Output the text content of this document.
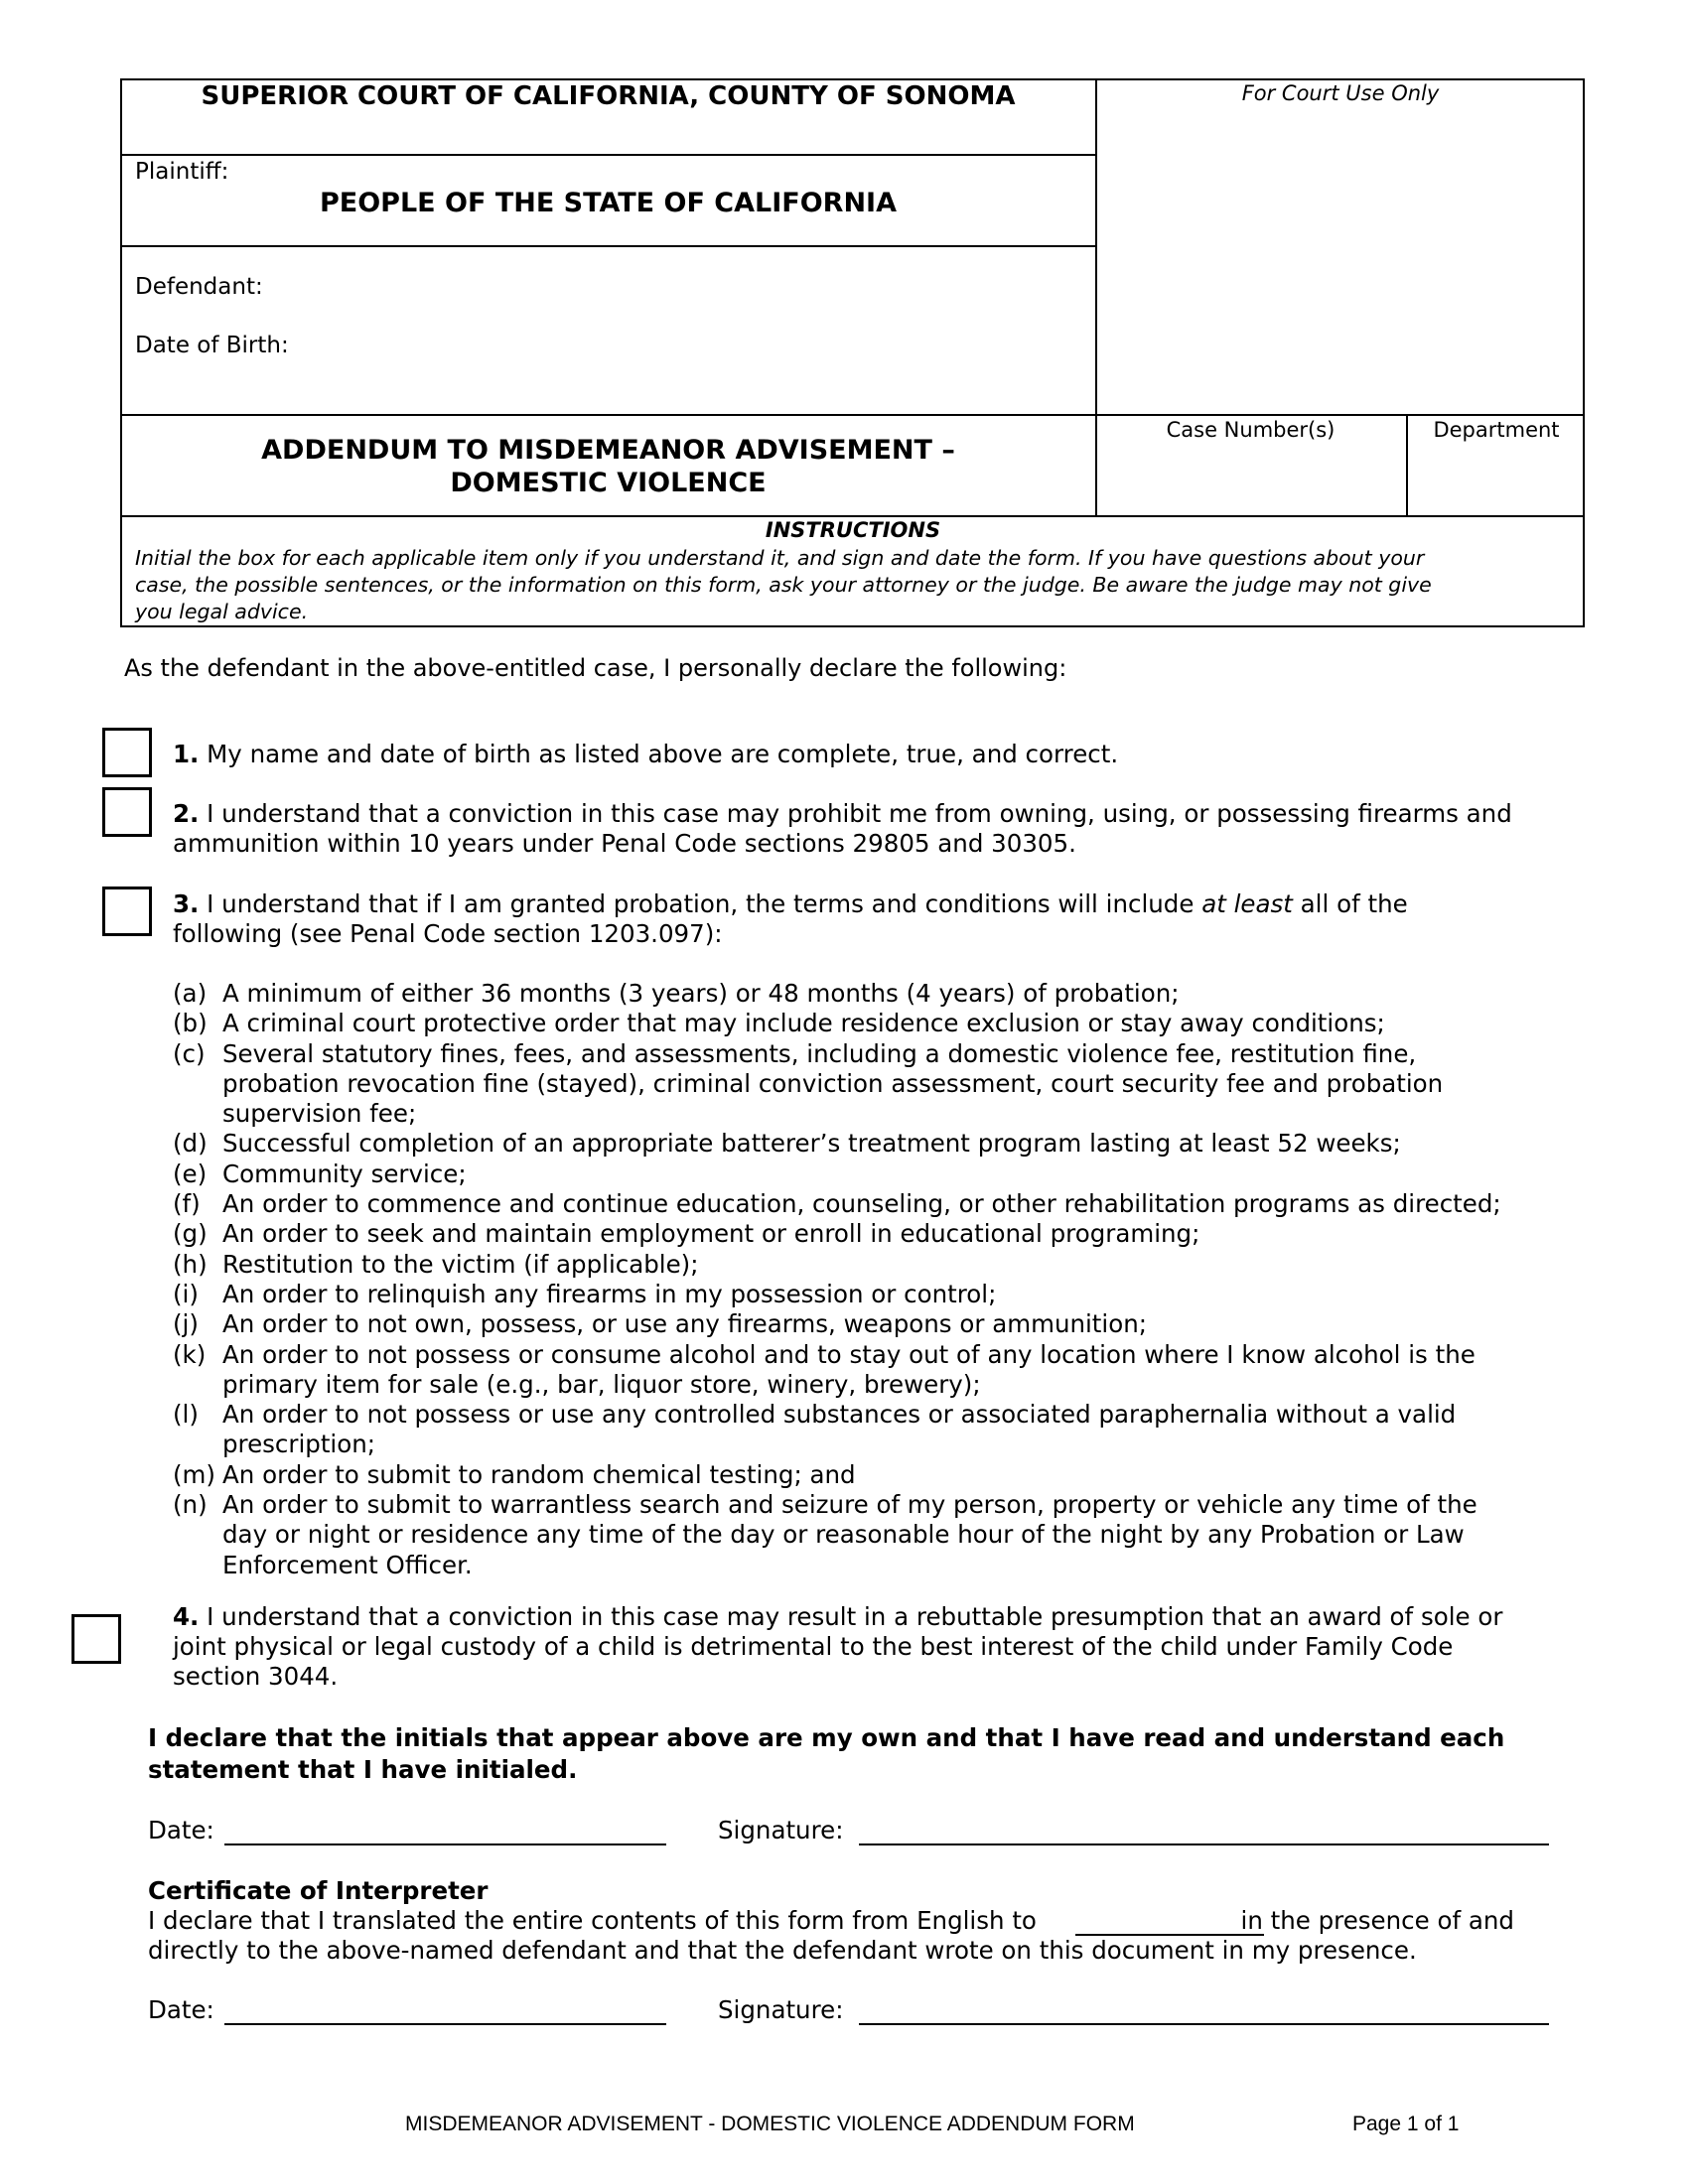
SUPERIOR COURT OF CALIFORNIA, COUNTY OF SONOMA	For Court Use Only
Plaintiff:
PEOPLE OF THE STATE OF CALIFORNIA
Defendant:
Date of Birth:
ADDENDUM TO MISDEMEANOR ADVISEMENT –
DOMESTIC VIOLENCE
Case Number(s)	Department
INSTRUCTIONS
Initial the box for each applicable item only if you understand it, and sign and date the form. If you have questions about your
case, the possible sentences, or the information on this form, ask your attorney or the judge. Be aware the judge may not give
you legal advice.
As the defendant in the above-entitled case, I personally declare the following:
1. My name and date of birth as listed above are complete, true, and correct.
2. I understand that a conviction in this case may prohibit me from owning, using, or possessing firearms and
ammunition within 10 years under Penal Code sections 29805 and 30305.
3. I understand that if I am granted probation, the terms and conditions will include at least all of the
following (see Penal Code section 1203.097):
(a) A minimum of either 36 months (3 years) or 48 months (4 years) of probation;
(b) A criminal court protective order that may include residence exclusion or stay away conditions;
(c) Several statutory fines, fees, and assessments, including a domestic violence fee, restitution fine,
probation revocation fine (stayed), criminal conviction assessment, court security fee and probation
supervision fee;
(d) Successful completion of an appropriate batterer’s treatment program lasting at least 52 weeks;
(e) Community service;
(f) An order to commence and continue education, counseling, or other rehabilitation programs as directed;
(g) An order to seek and maintain employment or enroll in educational programing;
(h) Restitution to the victim (if applicable);
(i) An order to relinquish any firearms in my possession or control;
(j) An order to not own, possess, or use any firearms, weapons or ammunition;
(k) An order to not possess or consume alcohol and to stay out of any location where I know alcohol is the
primary item for sale (e.g., bar, liquor store, winery, brewery);
(l) An order to not possess or use any controlled substances or associated paraphernalia without a valid
prescription;
(m) An order to submit to random chemical testing; and
(n) An order to submit to warrantless search and seizure of my person, property or vehicle any time of the
day or night or residence any time of the day or reasonable hour of the night by any Probation or Law
Enforcement Officer.
4. I understand that a conviction in this case may result in a rebuttable presumption that an award of sole or
joint physical or legal custody of a child is detrimental to the best interest of the child under Family Code
section 3044.
I declare that the initials that appear above are my own and that I have read and understand each
statement that I have initialed.
Date:	Signature:
Certificate of Interpreter
I declare that I translated the entire contents of this form from English to	in the presence of and
directly to the above-named defendant and that the defendant wrote on this document in my presence.
Date:	Signature:
MISDEMEANOR ADVISEMENT - DOMESTIC VIOLENCE ADDENDUM FORM	Page 1 of 1
